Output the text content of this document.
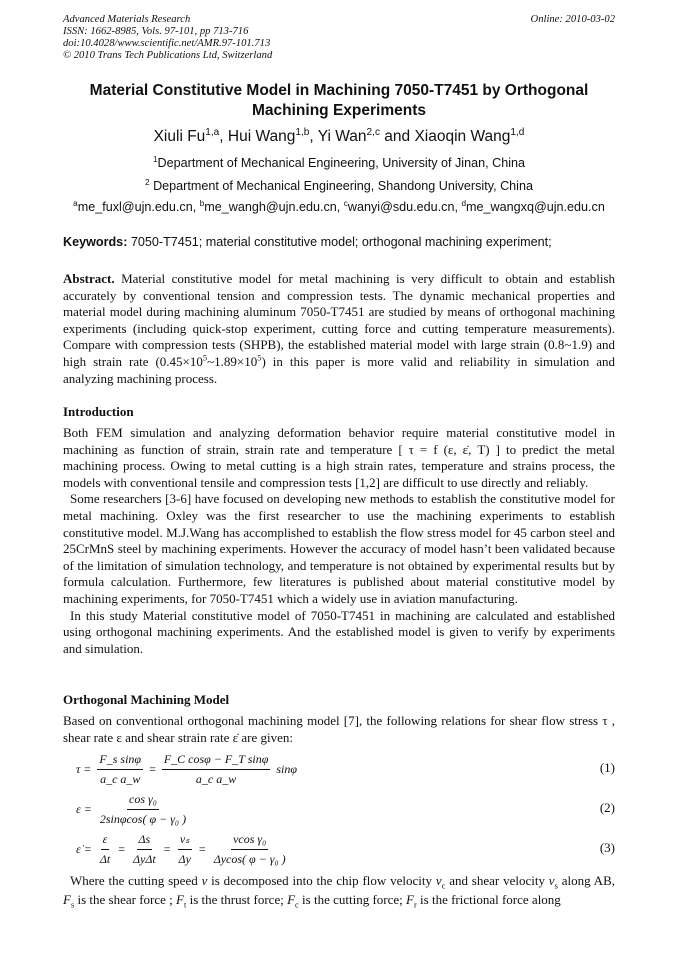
Advanced Materials Research
ISSN: 1662-8985, Vols. 97-101, pp 713-716
doi:10.4028/www.scientific.net/AMR.97-101.713
© 2010 Trans Tech Publications Ltd, Switzerland
Online: 2010-03-02
Material Constitutive Model in Machining 7050-T7451 by Orthogonal
Machining Experiments
Xiuli Fu$^{1,a}$, Hui Wang$^{1,b}$, Yi Wan$^{2,c}$ and Xiaoqin Wang$^{1,d}$
$^1$Department of Mechanical Engineering, University of Jinan, China
$^2$ Department of Mechanical Engineering, Shandong University, China
$^a$me_fuxl@ujn.edu.cn, $^b$me_wangh@ujn.edu.cn, $^c$wanyi@sdu.edu.cn, $^d$me_wangxq@ujn.edu.cn
Keywords: 7050-T7451; material constitutive model; orthogonal machining experiment;
Abstract. Material constitutive model for metal machining is very difficult to obtain and establish accurately by conventional tension and compression tests. The dynamic mechanical properties and material model during machining aluminum 7050-T7451 are studied by means of orthogonal machining experiments (including quick-stop experiment, cutting force and cutting temperature measurements). Compare with compression tests (SHPB), the established material model with large strain (0.8~1.9) and high strain rate $(0.45\times 10^5\sim 1.89\times 10^5)$ in this paper is more valid and reliability in simulation and analyzing machining process.
Introduction
Both FEM simulation and analyzing deformation behavior require material constitutive model in machining as function of strain, strain rate and temperature [ τ = f (ε, ε̇, T) ] to predict the metal machining process. Owing to metal cutting is a high strain rates, temperature and strains process, the models with conventional tensile and compression tests [1,2] are difficult to use directly and reliably.
Some researchers [3-6] have focused on developing new methods to establish the constitutive model for metal machining. Oxley was the first researcher to use the machining experiments to establish constitutive model. M.J.Wang has accomplished to establish the flow stress model for 45 carbon steel and 25CrMnS steel by machining experiments. However the accuracy of model hasn’t been validated because of the limitation of simulation technology, and temperature is not obtained by experimental results but by formula calculation. Furthermore, few literatures is published about material constitutive model by machining experiments, for 7050-T7451 which a widely use in aviation manufacturing.
In this study Material constitutive model of 7050-T7451 in machining are calculated and established using orthogonal machining experiments. And the established model is given to verify by experiments and simulation.
Orthogonal Machining Model
Based on conventional orthogonal machining model [7], the following relations for shear flow stress τ , shear rate ε and shear strain rate ε̇ are given:
$\tau = \frac{\text{F\_s sinφ}}{\text{a\_c a\_w}} = \frac{\text{F\_C cosφ − F\_T sinφ}}{\text{a\_c a\_w}}$ sinφ	(1)
$\varepsilon = \frac{\text{cos γ₀}}{\text{2sinφcos( φ − γ₀ )}}$	(2)
ε̇ = $\frac{\varepsilon}{\Delta t} = \frac{\Delta s}{\text{ΔyΔt}} = \frac{\text{vₛ}}{\Delta y} = \frac{\text{vcos γ₀}}{\text{Δycos( φ − γ₀ )}}$	(3)
Where the cutting speed v is decomposed into the chip flow velocity $v_c$ and shear velocity $v_s$ along AB, $F_s$ is the shear force ; $F_t$ is the thrust force; $F_c$ is the cutting force; $F_r$ is the frictional force along
